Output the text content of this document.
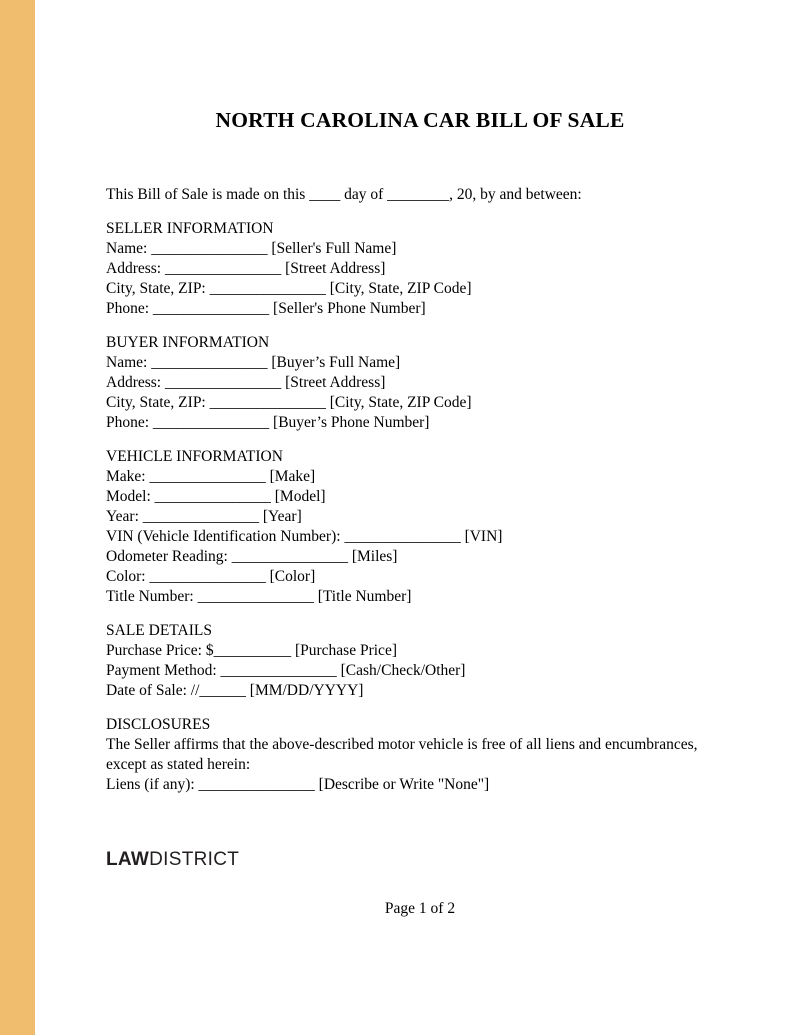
NORTH CAROLINA CAR BILL OF SALE

This Bill of Sale is made on this ____ day of ________, 20, by and between:

SELLER INFORMATION
Name: _______________ [Seller's Full Name]
Address: _______________ [Street Address]
City, State, ZIP: _______________ [City, State, ZIP Code]
Phone: _______________ [Seller's Phone Number]
BUYER INFORMATION
Name: _______________ [Buyer’s Full Name]
Address: _______________ [Street Address]
City, State, ZIP: _______________ [City, State, ZIP Code]
Phone: _______________ [Buyer’s Phone Number]
VEHICLE INFORMATION
Make: _______________ [Make]
Model: _______________ [Model]
Year: _______________ [Year]
VIN (Vehicle Identification Number): _______________ [VIN]
Odometer Reading: _______________ [Miles]
Color: _______________ [Color]
Title Number: _______________ [Title Number]
SALE DETAILS
Purchase Price: $__________ [Purchase Price]
Payment Method: _______________ [Cash/Check/Other]
Date of Sale: //______ [MM/DD/YYYY]
DISCLOSURES
The Seller affirms that the above-described motor vehicle is free of all liens and encumbrances, except as stated herein:
Liens (if any): _______________ [Describe or Write "None"]
LAWDISTRICT
Page 1 of 2
